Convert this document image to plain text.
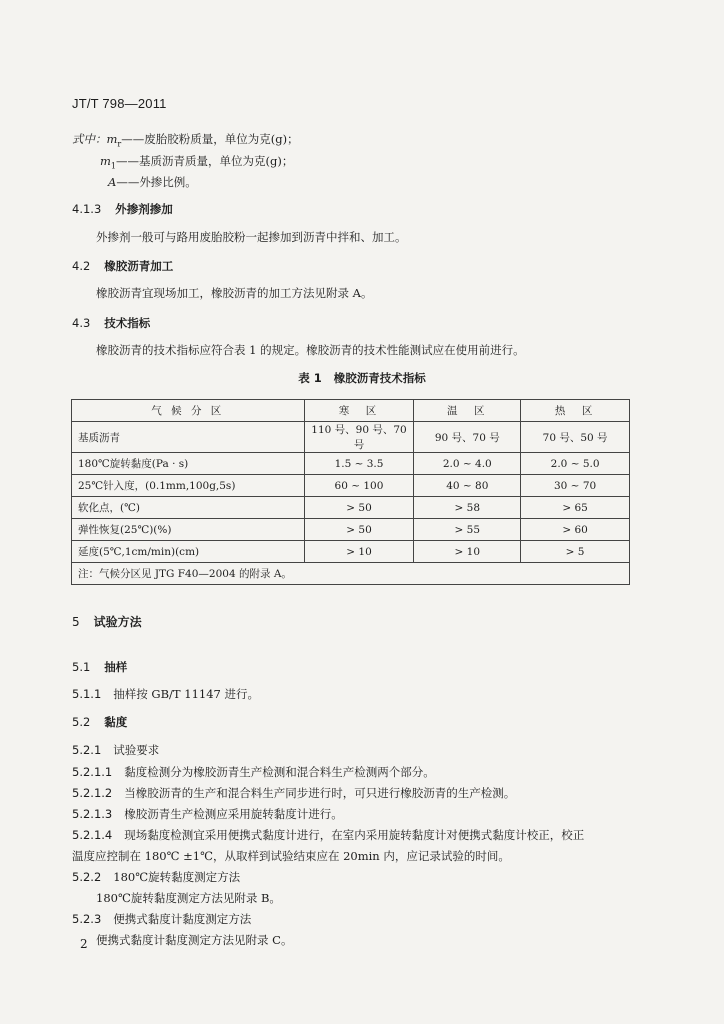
JT/T 798—2011
式中：$m_r——$废胎胶粉质量，单位为克(g)；
$m_1——$基质沥青质量，单位为克(g)；
A——外掺比例。
4.1.3 外掺剂掺加
外掺剂一般可与路用废胎胶粉一起掺加到沥青中拌和、加工。
4.2 橡胶沥青加工
橡胶沥青宜现场加工，橡胶沥青的加工方法见附录 A。
4.3 技术指标
橡胶沥青的技术指标应符合表 1 的规定。橡胶沥青的技术性能测试应在使用前进行。
表 1 橡胶沥青技术指标
气 候 分 区	寒　区	温　区	热　区
基质沥青	110 号、90 号、70 号	90 号、70 号	70 号、50 号
180℃旋转黏度(Pa · s)	1.5 ~ 3.5	2.0 ~ 4.0	2.0 ~ 5.0
25℃针入度，(0.1mm,100g,5s)	60 ~ 100	40 ~ 80	30 ~ 70
软化点，(℃)	> 50	> 58	> 65
弹性恢复(25℃)(%)	> 50	> 55	> 60
延度(5℃,1cm/min)(cm)	> 10	> 10	> 5
注：气候分区见 JTG F40—2004 的附录 A。			
5 试验方法
5.1 抽样
5.1.1 抽样按 GB/T 11147 进行。
5.2 黏度
5.2.1 试验要求
5.2.1.1 黏度检测分为橡胶沥青生产检测和混合料生产检测两个部分。
5.2.1.2 当橡胶沥青的生产和混合料生产同步进行时，可只进行橡胶沥青的生产检测。
5.2.1.3 橡胶沥青生产检测应采用旋转黏度计进行。
5.2.1.4 现场黏度检测宜采用便携式黏度计进行，在室内采用旋转黏度计对便携式黏度计校正，校正
温度应控制在 180℃ ±1℃，从取样到试验结束应在 20min 内，应记录试验的时间。
5.2.2 180℃旋转黏度测定方法
180℃旋转黏度测定方法见附录 B。
5.2.3 便携式黏度计黏度测定方法
便携式黏度计黏度测定方法见附录 C。
2
